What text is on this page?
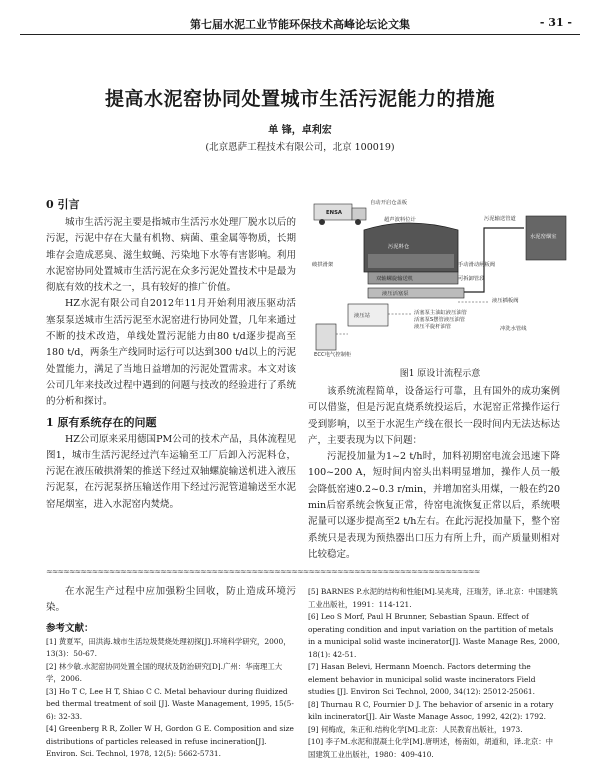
第七届水泥工业节能环保技术高峰论坛论文集	- 31 -
提高水泥窑协同处置城市生活污泥能力的措施
单 锋，卓利宏
(北京恩萨工程技术有限公司，北京 100019)
0 引言
城市生活污泥主要是指城市生活污水处理厂脱水以后的污泥，污泥中存在大量有机物、病菌、重金属等物质，长期堆存会造成恶臭、滋生蚊蝇、污染地下水等有害影响。利用水泥窑协同处置城市生活污泥在众多污泥处置技术中是最为彻底有效的技术之一，具有较好的推广价值。
HZ水泥有限公司自2012年11月开始利用液压驱动活塞泵泵送城市生活污泥至水泥窑进行协同处置，几年来通过不断的技术改造，单线处置污泥能力由80 t/d逐步提高至180 t/d，两条生产线同时运行可以达到300 t/d以上的污泥处置能力，满足了当地日益增加的污泥处置需求。本文对该公司几年来技改过程中遇到的问题与技改的经验进行了系统的分析和探讨。
1 原有系统存在的问题
HZ公司原来采用德国PM公司的技术产品，具体流程见图1，城市生活污泥经过汽车运输至工厂后卸入污泥料仓，污泥在液压破拱滑架的推送下经过双轴螺旋输送机进入液压污泥泵，在污泥泵挤压输送作用下经过污泥管道输送至水泥窑尾烟室，进入水泥窑内焚烧。
ENSA
自动开启仓盖板
超声波料位计
污泥料仓
双轴螺旋输送机
破拱滑架	手动滑动闸板阀
可拆卸管段
液压活塞泵
液压站	活塞泵主油缸液压油管
活塞泵S摆管液压油管
液压平旋杆油管
液压插板阀
冲洗水管线
ECC电气控制柜
污泥输送管道
水泥窑烟室
图1 原设计流程示意
该系统流程简单，设备运行可靠，且有国外的成功案例可以借鉴，但是污泥直烧系统投运后，水泥窑正常操作运行受到影响，以至于水泥生产线在很长一段时间内无法达标达产，主要表现为以下问题：
污泥投加量为1~2 t/h时，加料初期窑电流会迅速下降100~200 A，短时间内窑头出料明显增加，操作人员一般会降低窑速0.2~0.3 r/min，并增加窑头用煤，一般在约20 min后窑系统会恢复正常，待窑电流恢复正常以后，系统喂泥量可以逐步提高至2 t/h左右。在此污泥投加量下，整个窑系统只是表现为预热器出口压力有所上升，而产质量则相对比较稳定。
≈≈≈≈≈≈≈≈≈≈≈≈≈≈≈≈≈≈≈≈≈≈≈≈≈≈≈≈≈≈≈≈≈≈≈≈≈≈≈≈≈≈≈≈≈≈≈≈≈≈≈≈≈≈≈≈≈≈≈≈≈≈≈≈≈≈≈≈≈≈≈≈≈≈≈≈
在水泥生产过程中应加强粉尘回收，防止造成环境污染。
参考文献：
[1] 黄夏军，田洪海.城市生活垃圾焚烧处理初探[J].环境科学研究，2000，13(3)：50-67.
[2] 林少敏.水泥窑协同处置全国的现状及防治研究[D].广州：华南理工大学，2006.
[3] Ho T C, Lee H T, Shiao C C. Metal behaviour during fluidized bed thermal treatment of soil [J]. Waste Management, 1995, 15(5-6): 32-33.
[4] Greenberg R R, Zoller W H, Gordon G E. Composition and size distributions of particles released in refuse incineration[J]. Environ. Sci. Technol, 1978, 12(5): 5662-5731.
[5] BARNES P.水泥的结构和性能[M].吴兆琦，汪瑞芳，译.北京：中国建筑工业出版社，1991：114-121.
[6] Leo S Morf, Paul H Brunner, Sebastian Spaun. Effect of operating condition and input variation on the partition of metals in a municipal solid waste incinerator[J]. Waste Manage Res, 2000, 18(1): 42-51.
[7] Hasan Belevi, Hermann Moench. Factors determing the element behavior in municipal solid waste incinerators Field studies [J]. Environ Sci Technol, 2000, 34(12): 25012-25061.
[8] Thurnau R C, Fournier D J. The behavior of arsenic in a rotary kiln incinerator[J]. Air Waste Manage Assoc, 1992, 42(2): 1792.
[9] 何梅成，朱正和.结构化学[M].北京：人民教育出版社，1973.
[10] 李子M.水泥和混凝土化学[M].唐明述，杨南如，胡道和，译.北京：中国建筑工业出版社，1980：409-410.
